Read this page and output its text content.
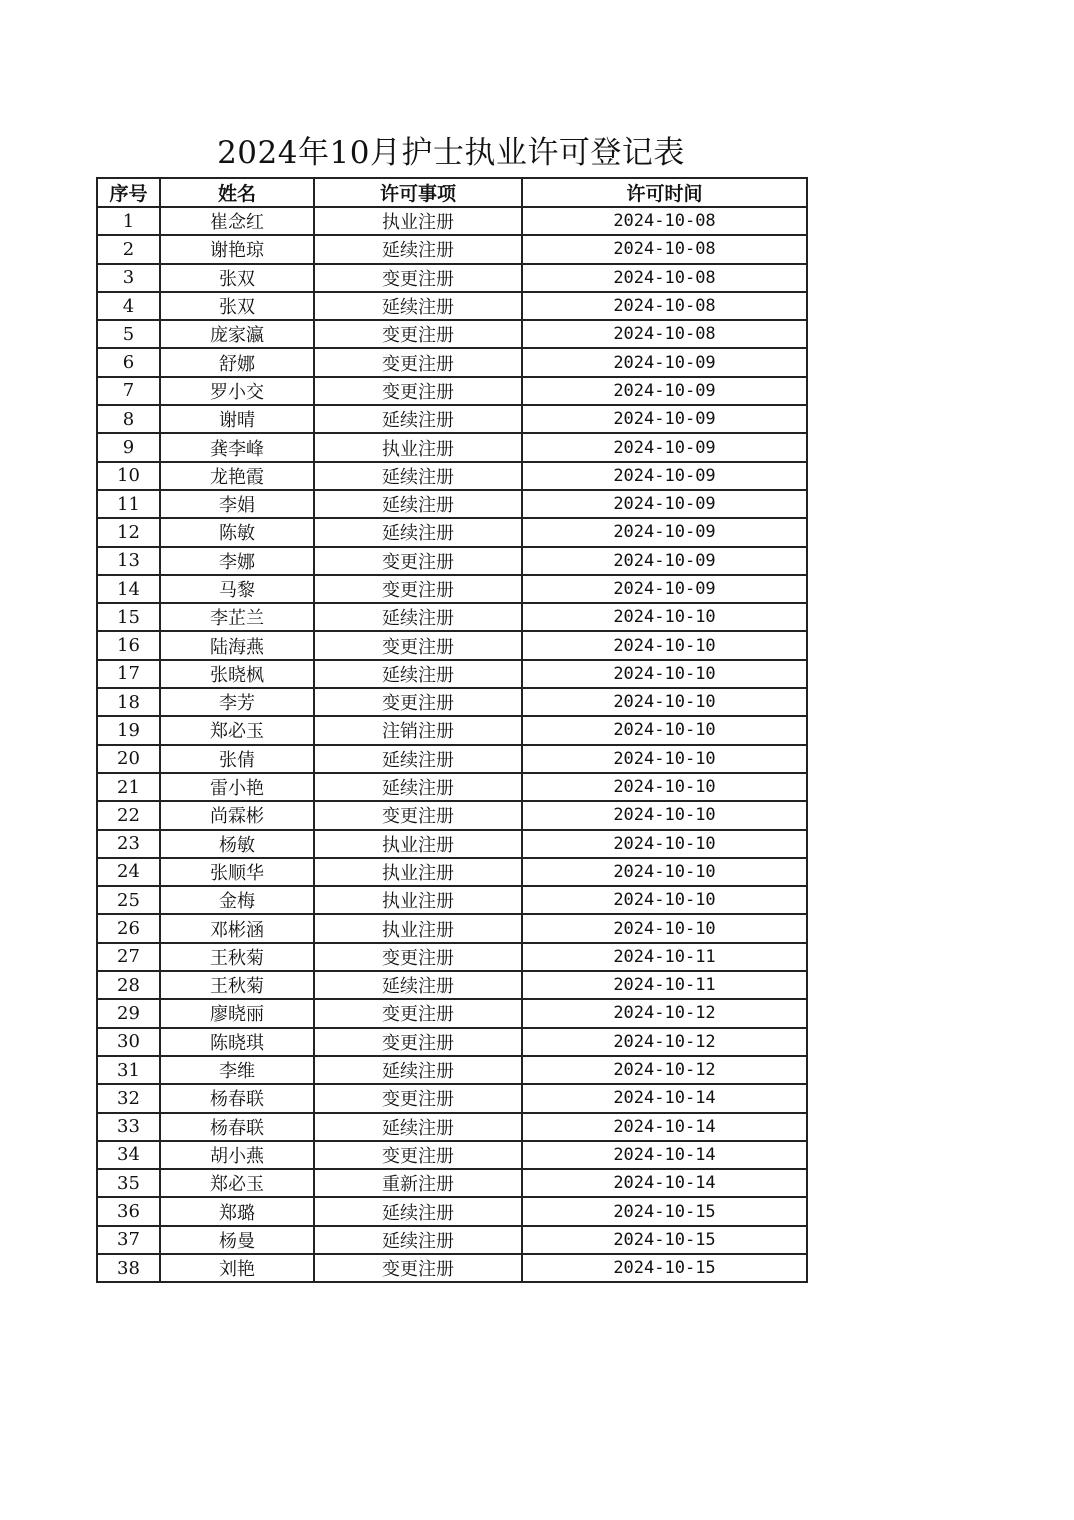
2024年10月护士执业许可登记表
序号	姓名	许可事项	许可时间
1	崔念红	执业注册	2024-10-08
2	谢艳琼	延续注册	2024-10-08
3	张双	变更注册	2024-10-08
4	张双	延续注册	2024-10-08
5	庞家瀛	变更注册	2024-10-08
6	舒娜	变更注册	2024-10-09
7	罗小交	变更注册	2024-10-09
8	谢晴	延续注册	2024-10-09
9	龚李峰	执业注册	2024-10-09
10	龙艳霞	延续注册	2024-10-09
11	李娟	延续注册	2024-10-09
12	陈敏	延续注册	2024-10-09
13	李娜	变更注册	2024-10-09
14	马黎	变更注册	2024-10-09
15	李芷兰	延续注册	2024-10-10
16	陆海燕	变更注册	2024-10-10
17	张晓枫	延续注册	2024-10-10
18	李芳	变更注册	2024-10-10
19	郑必玉	注销注册	2024-10-10
20	张倩	延续注册	2024-10-10
21	雷小艳	延续注册	2024-10-10
22	尚霖彬	变更注册	2024-10-10
23	杨敏	执业注册	2024-10-10
24	张顺华	执业注册	2024-10-10
25	金梅	执业注册	2024-10-10
26	邓彬涵	执业注册	2024-10-10
27	王秋菊	变更注册	2024-10-11
28	王秋菊	延续注册	2024-10-11
29	廖晓丽	变更注册	2024-10-12
30	陈晓琪	变更注册	2024-10-12
31	李维	延续注册	2024-10-12
32	杨春联	变更注册	2024-10-14
33	杨春联	延续注册	2024-10-14
34	胡小燕	变更注册	2024-10-14
35	郑必玉	重新注册	2024-10-14
36	郑璐	延续注册	2024-10-15
37	杨曼	延续注册	2024-10-15
38	刘艳	变更注册	2024-10-15
